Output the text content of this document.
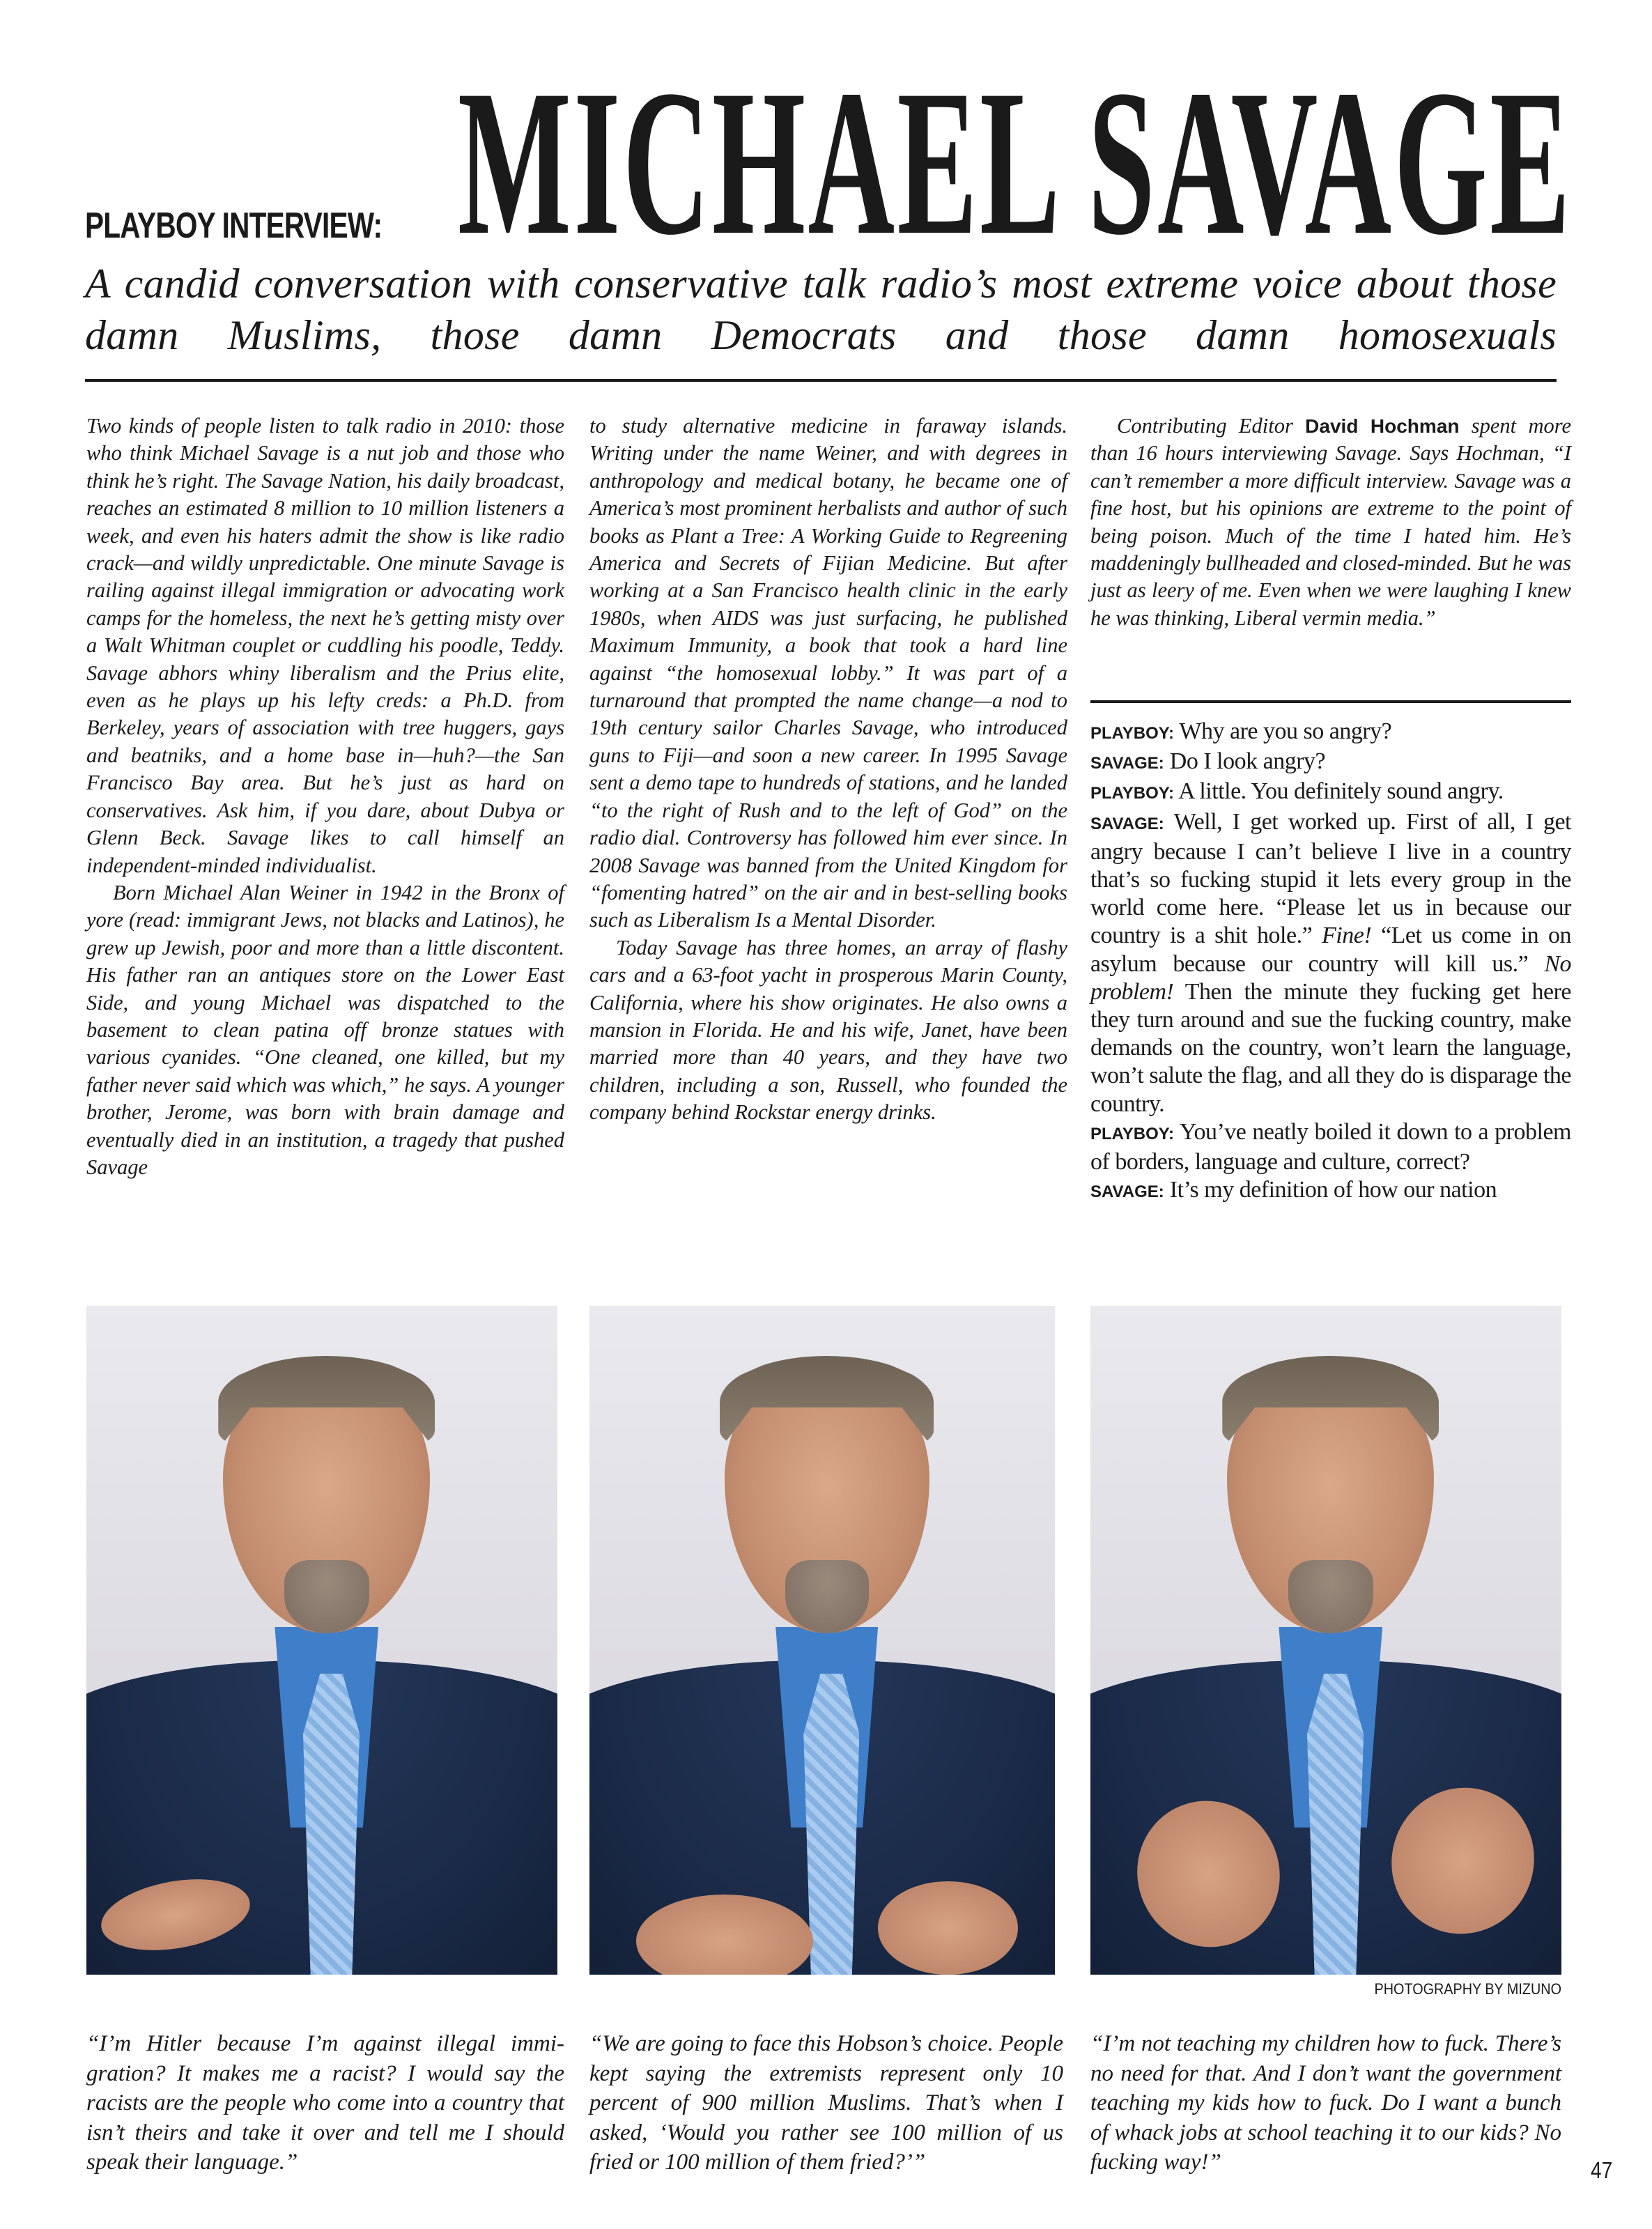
PLAYBOY INTERVIEW: MICHAEL SAVAGE
A candid conversation with conservative talk radio’s most extreme voice about those damn Muslims, those damn Democrats and those damn homosexuals

Two kinds of people listen to talk radio in 2010: those who think Michael Savage is a nut job and those who think he’s right. The Savage Nation, his daily broadcast, reaches an estimated 8 million to 10 million listeners a week, and even his haters admit the show is like radio crack—and wildly unpredictable. One minute Savage is railing against illegal immigration or advocating work camps for the homeless, the next he’s getting misty over a Walt Whitman couplet or cuddling his poodle, Teddy. Savage abhors whiny liberalism and the Prius elite, even as he plays up his lefty creds: a Ph.D. from Berkeley, years of association with tree huggers, gays and beatniks, and a home base in—huh?—the San Francisco Bay area. But he’s just as hard on conservatives. Ask him, if you dare, about Dubya or Glenn Beck. Savage likes to call himself an independent-minded individualist.

Born Michael Alan Weiner in 1942 in the Bronx of yore (read: immigrant Jews, not blacks and Latinos), he grew up Jewish, poor and more than a little discontent. His father ran an antiques store on the Lower East Side, and young Michael was dispatched to the basement to clean patina off bronze statues with various cyanides. “One cleaned, one killed, but my father never said which was which,” he says. A younger brother, Jerome, was born with brain damage and eventually died in an institution, a tragedy that pushed Savage

to study alternative medicine in faraway islands. Writing under the name Weiner, and with degrees in anthropology and medical botany, he became one of America’s most prominent herbalists and author of such books as Plant a Tree: A Working Guide to Regreening America and Secrets of Fijian Medicine. But after working at a San Francisco health clinic in the early 1980s, when AIDS was just surfacing, he published Maximum Immunity, a book that took a hard line against “the homosexual lobby.” It was part of a turnaround that prompted the name change—a nod to 19th century sailor Charles Savage, who introduced guns to Fiji—and soon a new career. In 1995 Savage sent a demo tape to hundreds of stations, and he landed “to the right of Rush and to the left of God” on the radio dial. Controversy has followed him ever since. In 2008 Savage was banned from the United Kingdom for “fomenting hatred” on the air and in best-selling books such as Liberalism Is a Mental Disorder.

Today Savage has three homes, an array of flashy cars and a 63-foot yacht in prosperous Marin County, California, where his show originates. He also owns a mansion in Florida. He and his wife, Janet, have been married more than 40 years, and they have two children, including a son, Russell, who founded the company behind Rockstar energy drinks.

Contributing Editor David Hochman spent more than 16 hours interviewing Savage. Says Hochman, “I can’t remember a more difficult interview. Savage was a fine host, but his opinions are extreme to the point of being poison. Much of the time I hated him. He’s maddeningly bullheaded and closed-minded. But he was just as leery of me. Even when we were laughing I knew he was thinking, Liberal vermin media.”

PLAYBOY: Why are you so angry?

SAVAGE: Do I look angry?

PLAYBOY: A little. You definitely sound angry.

SAVAGE: Well, I get worked up. First of all, I get angry because I can’t believe I live in a country that’s so fucking stupid it lets every group in the world come here. “Please let us in because our country is a shit hole.” Fine! “Let us come in on asylum because our country will kill us.” No problem! Then the minute they fucking get here they turn around and sue the fucking country, make demands on the country, won’t learn the language, won’t salute the flag, and all they do is disparage the country.

PLAYBOY: You’ve neatly boiled it down to a problem of borders, language and culture, correct?

SAVAGE: It’s my definition of how our nation

PHOTOGRAPHY BY MIZUNO
“I’m Hitler because I’m against illegal immigration? It makes me a racist? I would say the racists are the people who come into a country that isn’t theirs and take it over and tell me I should speak their language.”
“We are going to face this Hobson’s choice. People kept saying the extremists represent only 10 percent of 900 million Muslims. That’s when I asked, ‘Would you rather see 100 million of us fried or 100 million of them fried?’”
“I’m not teaching my children how to fuck. There’s no need for that. And I don’t want the government teaching my kids how to fuck. Do I want a bunch of whack jobs at school teaching it to our kids? No fucking way!”	47
